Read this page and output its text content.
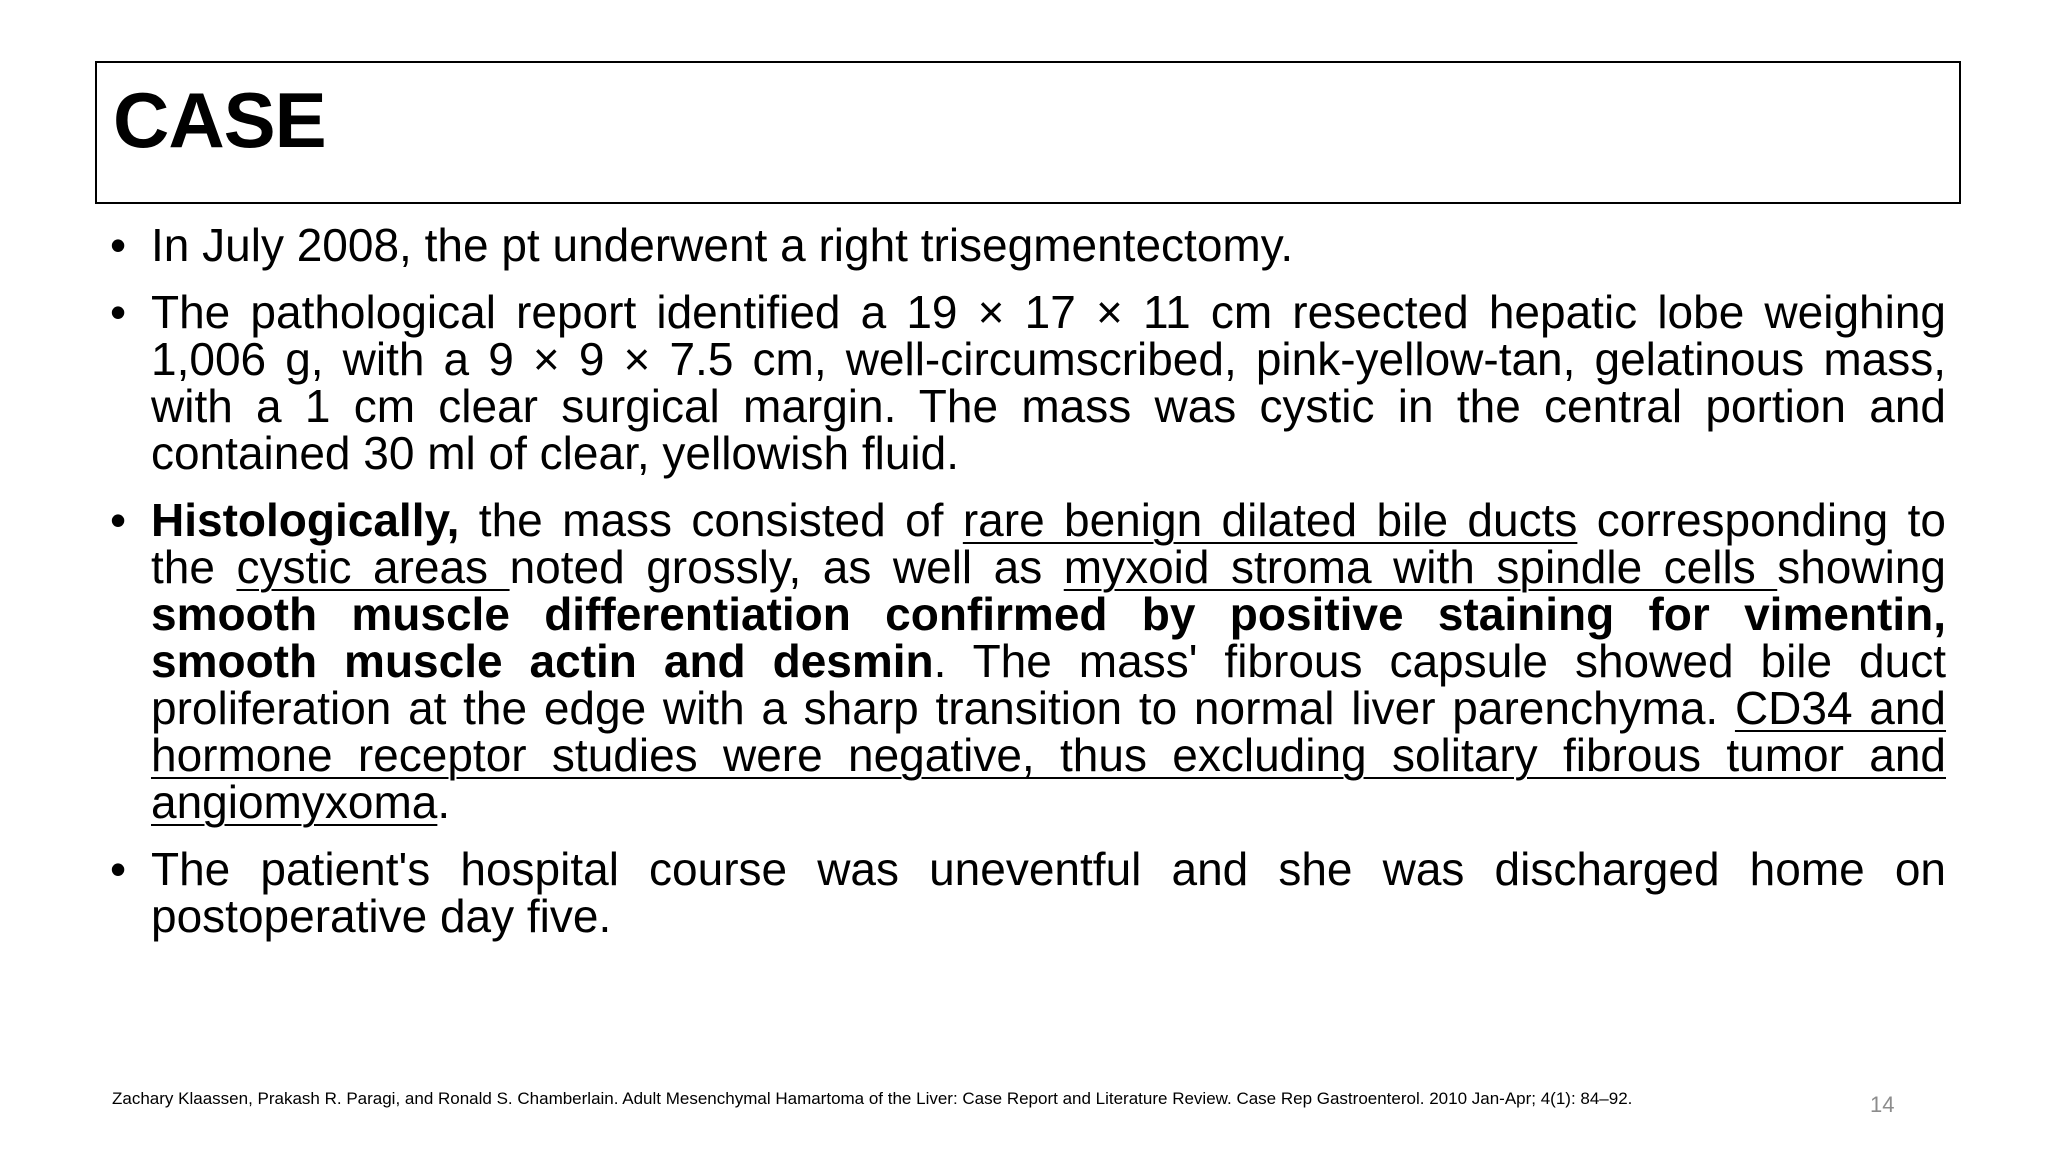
CASE
• In July 2008, the pt underwent a right trisegmentectomy.
• The pathological report identified a 19 × 17 × 11 cm resected hepatic lobe weighing 1,006 g, with a 9 × 9 × 7.5 cm, well-circumscribed, pink-yellow-tan, gelatinous mass, with a 1 cm clear surgical margin. The mass was cystic in the central portion and contained 30 ml of clear, yellowish fluid.
• Histologically, the mass consisted of rare benign dilated bile ducts corresponding to the cystic areas noted grossly, as well as myxoid stroma with spindle cells showing smooth muscle differentiation confirmed by positive staining for vimentin, smooth muscle actin and desmin. The mass' fibrous capsule showed bile duct proliferation at the edge with a sharp transition to normal liver parenchyma. CD34 and hormone receptor studies were negative, thus excluding solitary fibrous tumor and angiomyxoma.
• The patient's hospital course was uneventful and she was discharged home on postoperative day five.
Zachary Klaassen, Prakash R. Paragi, and Ronald S. Chamberlain. Adult Mesenchymal Hamartoma of the Liver: Case Report and Literature Review. Case Rep Gastroenterol. 2010 Jan-Apr; 4(1): 84–92.	14
